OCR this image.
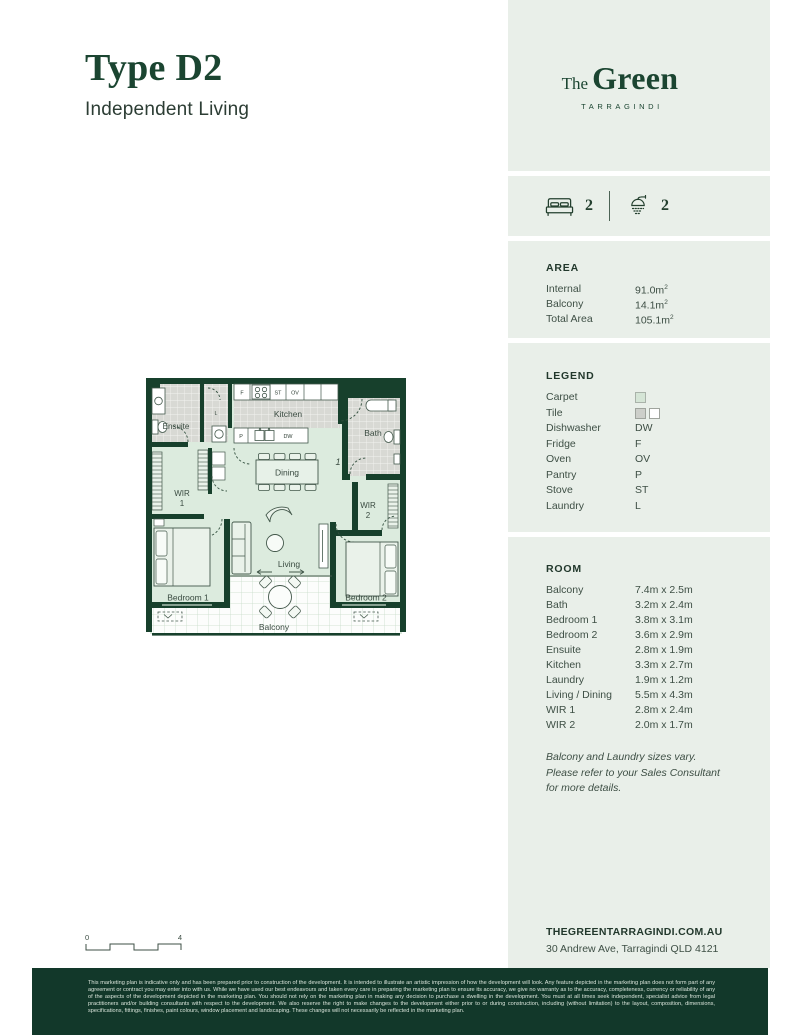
Type D2
Independent Living
The Green
TARRAGINDI
2	2
AREA
Internal	$91.0m^2$
Balcony	$14.1m^2$
Total Area	$105.1m^2$
LEGEND
Carpet
Tile
Dishwasher	DW
Fridge	F
Oven	OV
Pantry	P
Stove	ST
Laundry	L
ROOM
Balcony	7.4m x 2.5m
Bath	3.2m x 2.4m
Bedroom 1	3.8m x 3.1m
Bedroom 2	3.6m x 2.9m
Ensuite	2.8m x 1.9m
Kitchen	3.3m x 2.7m
Laundry	1.9m x 1.2m
Living / Dining	5.5m x 4.3m
WIR 1	2.8m x 2.4m
WIR 2	2.0m x 1.7m
Balcony and Laundry sizes vary.
Please refer to your Sales Consultant
for more details.
THEGREENTARRAGINDI.COM.AU
30 Andrew Ave, Tarragindi QLD 4121
Ensuite
Kitchen
Bath
WIR
1	WIR
2
Dining
Living
Bedroom 1	Bedroom 2
Balcony
1
F	ST OV
P	DW
L
0	4
This marketing plan is indicative only and has been prepared prior to construction of the development. It is intended to illustrate an artistic impression of how the development will look. Any feature depicted in the marketing plan does not form part of any agreement or contract you may enter into with us. While we have used our best endeavours and taken every care in preparing the marketing plan to ensure its accuracy, we give no warranty as to the accuracy, completeness, currency or reliability of any of the aspects of the development depicted in the marketing plan. You should not rely on the marketing plan in making any decision to purchase a dwelling in the development. You must at all times seek independent, specialist advice from legal practitioners and/or building consultants with respect to the development. We also reserve the right to make changes to the development either prior to or during construction, including (without limitation) to the layout, composition, dimensions, specifications, fittings, finishes, paint colours, window placement and landscaping. These changes will not necessarily be reflected in the marketing plan.
